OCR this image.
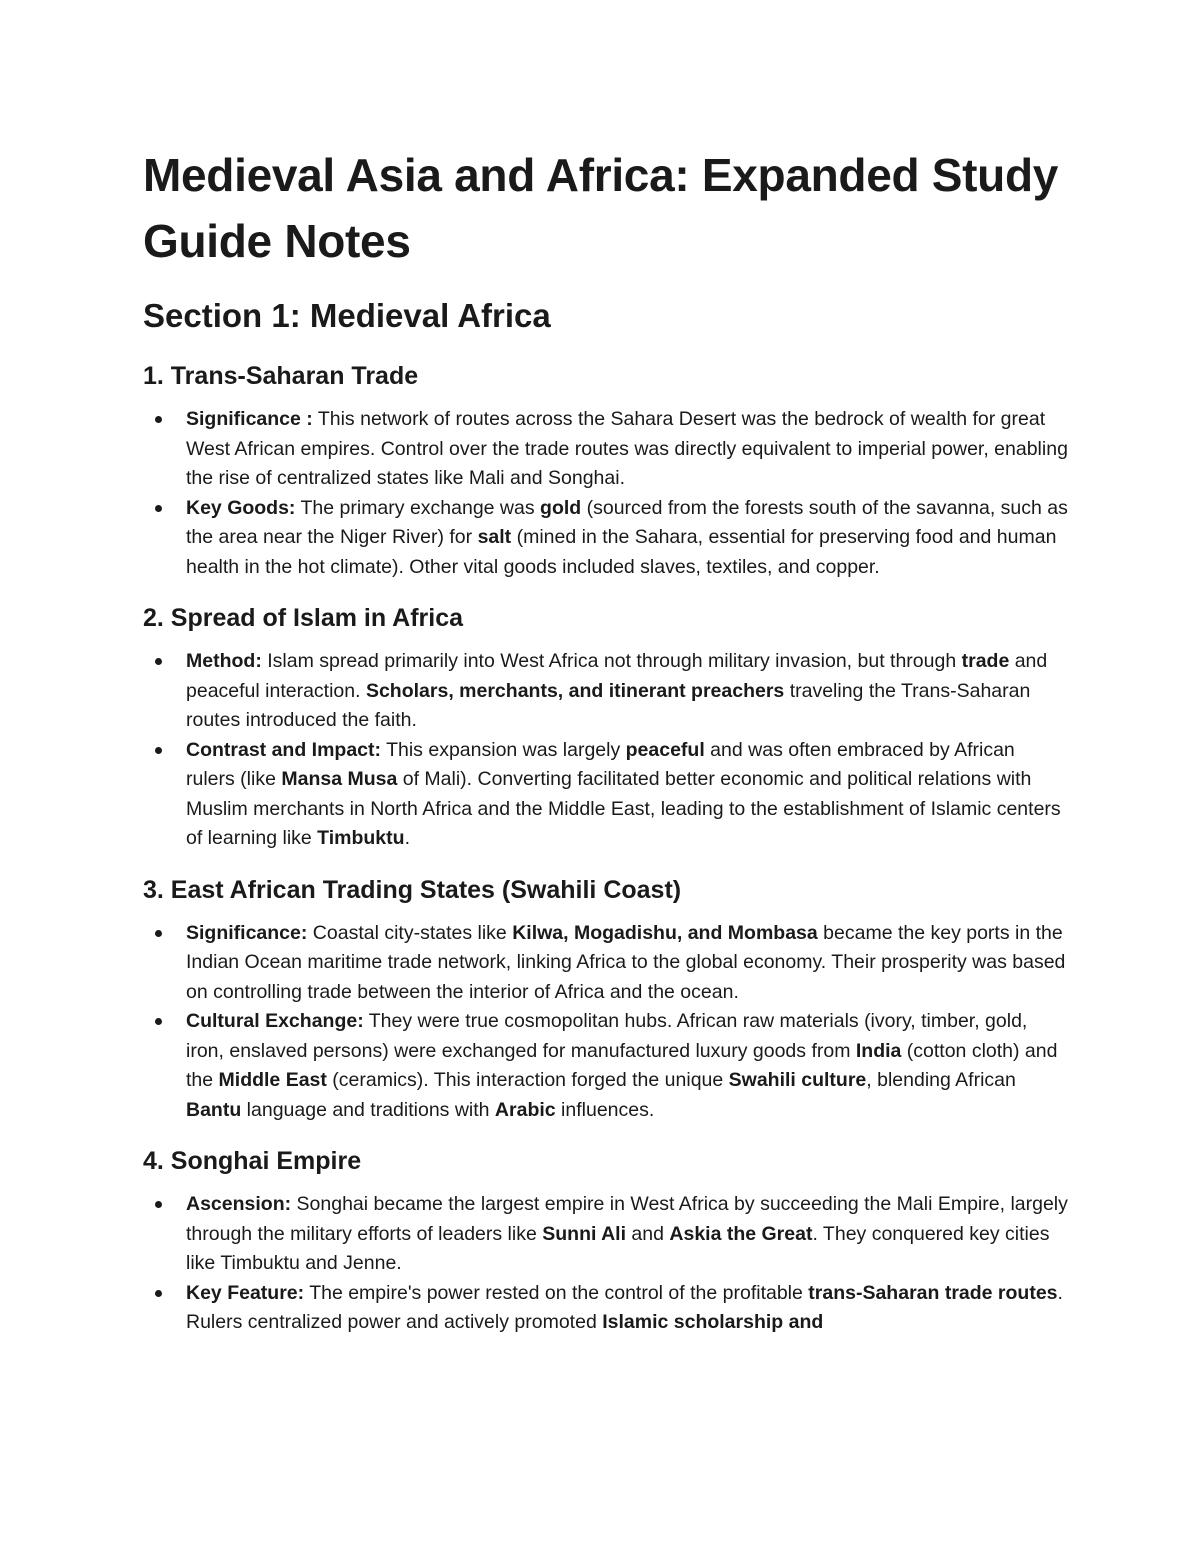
Medieval Asia and Africa: Expanded Study Guide Notes
Section 1: Medieval Africa
1. Trans-Saharan Trade
Significance : This network of routes across the Sahara Desert was the bedrock of wealth for great West African empires. Control over the trade routes was directly equivalent to imperial power, enabling the rise of centralized states like Mali and Songhai.
Key Goods: The primary exchange was gold (sourced from the forests south of the savanna, such as the area near the Niger River) for salt (mined in the Sahara, essential for preserving food and human health in the hot climate). Other vital goods included slaves, textiles, and copper.
2. Spread of Islam in Africa
Method: Islam spread primarily into West Africa not through military invasion, but through trade and peaceful interaction. Scholars, merchants, and itinerant preachers traveling the Trans-Saharan routes introduced the faith.
Contrast and Impact: This expansion was largely peaceful and was often embraced by African rulers (like Mansa Musa of Mali). Converting facilitated better economic and political relations with Muslim merchants in North Africa and the Middle East, leading to the establishment of Islamic centers of learning like Timbuktu.
3. East African Trading States (Swahili Coast)
Significance: Coastal city-states like Kilwa, Mogadishu, and Mombasa became the key ports in the Indian Ocean maritime trade network, linking Africa to the global economy. Their prosperity was based on controlling trade between the interior of Africa and the ocean.
Cultural Exchange: They were true cosmopolitan hubs. African raw materials (ivory, timber, gold, iron, enslaved persons) were exchanged for manufactured luxury goods from India (cotton cloth) and the Middle East (ceramics). This interaction forged the unique Swahili culture, blending African Bantu language and traditions with Arabic influences.
4. Songhai Empire
Ascension: Songhai became the largest empire in West Africa by succeeding the Mali Empire, largely through the military efforts of leaders like Sunni Ali and Askia the Great. They conquered key cities like Timbuktu and Jenne.
Key Feature: The empire's power rested on the control of the profitable trans-Saharan trade routes. Rulers centralized power and actively promoted Islamic scholarship and
